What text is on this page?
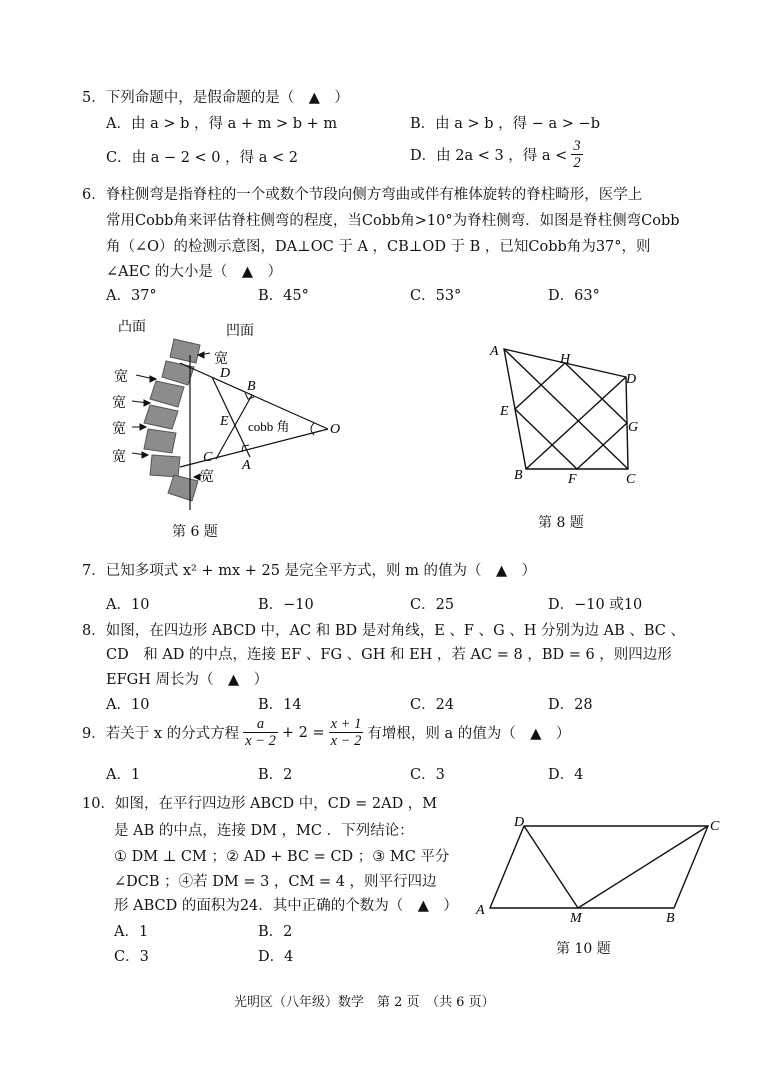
5．下列命题中，是假命题的是（　▲　）
A．由 a > b ，得 a + m > b + m	B．由 a > b ，得 − a > −b
C．由 a − 2 < 0 ，得 a < 2	D．由 2a < 3 ，得 $a < \frac{3}{2}$
6．脊柱侧弯是指脊柱的一个或数个节段向侧方弯曲或伴有椎体旋转的脊柱畸形，医学上
常用Cobb角来评估脊柱侧弯的程度，当Cobb角>10°为脊柱侧弯．如图是脊柱侧弯Cobb
角（∠O）的检测示意图，DA⊥OC 于 A ，CB⊥OD 于 B ，已知Cobb角为37°，则
∠AEC 的大小是（　▲　）
A．37°	B．45°	C．53°	D．63°
凸面	凹面
宽
宽
宽
宽
宽
宽
cobb 角
D
B
E
C
A
O
第 6 题
A
H
D
E
G
B	F	C
第 8 题
7．已知多项式 x² + mx + 25 是完全平方式，则 m 的值为（　▲　）
A．10	B．−10	C．25	D．−10 或10
8．如图，在四边形 ABCD 中，AC 和 BD 是对角线，E 、F 、G 、H 分别为边 AB 、BC 、
CD　和 AD 的中点，连接 EF 、FG 、GH 和 EH ，若 AC = 8 ，BD = 6 ，则四边形
EFGH 周长为（　▲　）
A．10	B．14	C．24	D．28
9．若关于 x 的分式方程 $\frac{a}{x - 2} + 2 = \frac{x + 1}{x - 2}$ 有增根，则 a 的值为（　▲　）
A．1	B．2	C．3	D．4
10．如图，在平行四边形 ABCD 中，CD = 2AD ，M
是 AB 的中点，连接 DM ，MC ．下列结论：
① DM ⊥ CM ；② AD + BC = CD ；③ MC 平分
∠DCB ；④若 DM = 3 ，CM = 4 ，则平行四边
形 ABCD 的面积为24．其中正确的个数为（　▲　）
A．1	B．2
C．3	D．4
D	C
A
M	B
第 10 题
光明区（八年级）数学　第 2 页　（共 6 页）
